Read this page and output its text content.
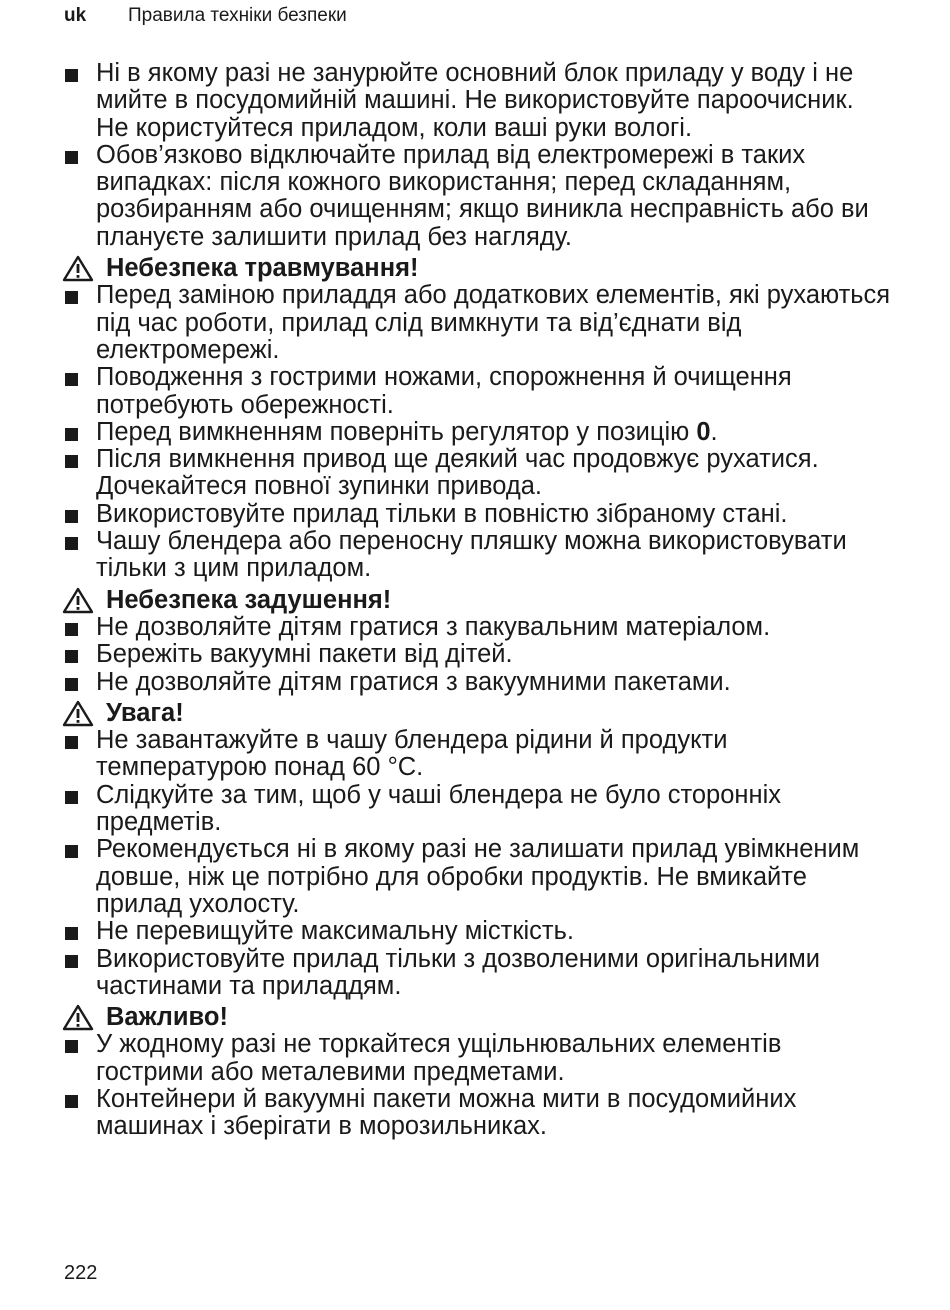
uk	Правила техніки безпеки
Ні в якому разі не занурюйте основний блок приладу у воду і не мийте в посудомийній машині. Не використовуйте пароочисник. Не користуйтеся приладом, коли ваші руки вологі.
Обов’язково відключайте прилад від електромережі в таких випадках: після кожного використання; перед складанням, розбиранням або очищенням; якщо виникла несправність або ви плануєте залишити прилад без нагляду.
Небезпека травмування!
Перед заміною приладдя або додаткових елементів, які рухаються під час роботи, прилад слід вимкнути та від’єднати від електромережі.
Поводження з гострими ножами, спорожнення й очищення потребують обережності.
Перед вимкненням поверніть регулятор у позицію 0.
Після вимкнення привод ще деякий час продовжує рухатися. Дочекайтеся повної зупинки привода.
Використовуйте прилад тільки в повністю зібраному стані.
Чашу блендера або переносну пляшку можна використовувати тільки з цим приладом.
Небезпека задушення!
Не дозволяйте дітям гратися з пакувальним матеріалом.
Бережіть вакуумні пакети від дітей.
Не дозволяйте дітям гратися з вакуумними пакетами.
Увага!
Не завантажуйте в чашу блендера рідини й продукти температурою понад 60 °C.
Слідкуйте за тим, щоб у чаші блендера не було сторонніх предметів.
Рекомендується ні в якому разі не залишати прилад увімкненим довше, ніж це потрібно для обробки продуктів. Не вмикайте прилад ухолосту.
Не перевищуйте максимальну місткість.
Використовуйте прилад тільки з дозволеними оригінальними частинами та приладдям.
Важливо!
У жодному разі не торкайтеся ущільнювальних елементів гострими або металевими предметами.
Контейнери й вакуумні пакети можна мити в посудомийних машинах і зберігати в морозильниках.
222
